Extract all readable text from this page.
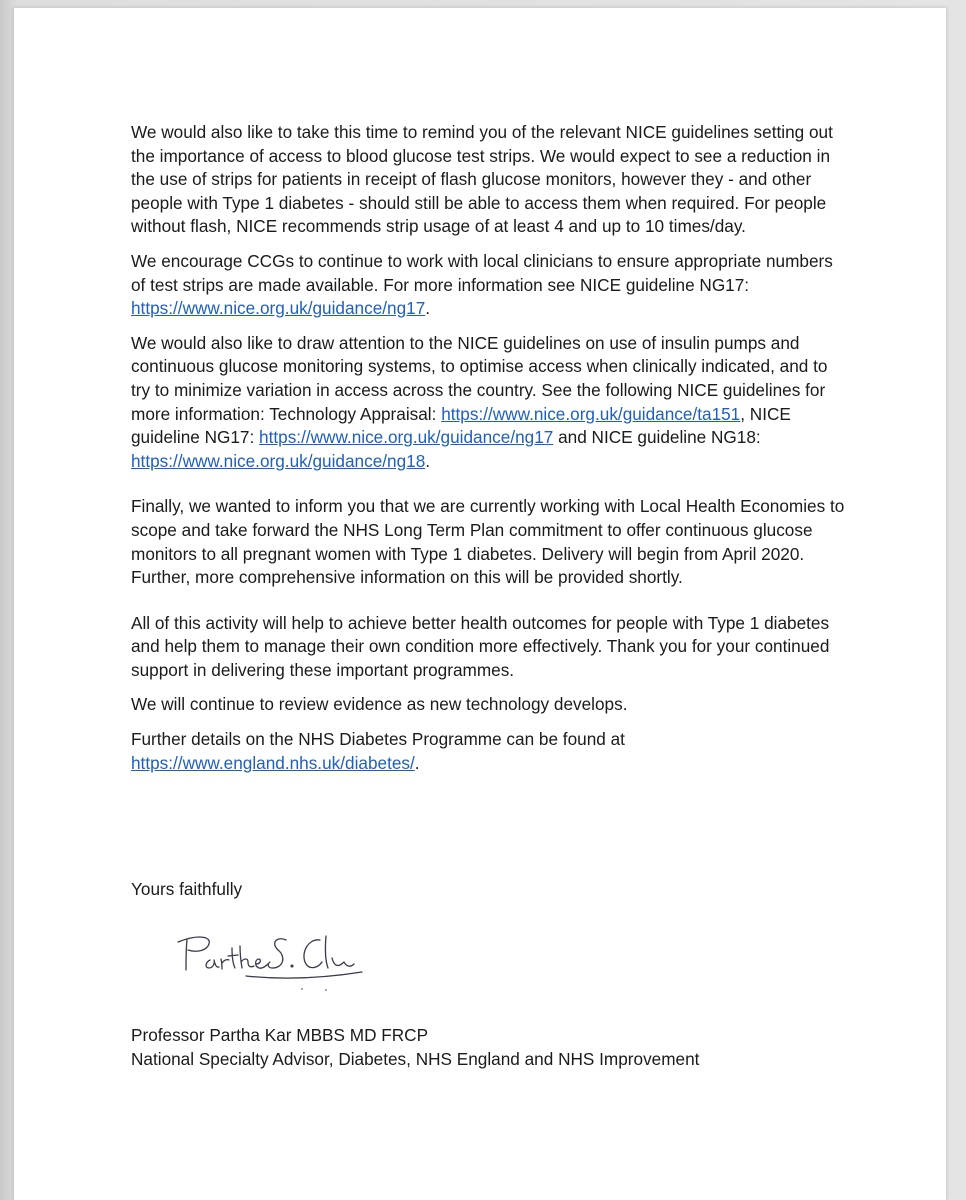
We would also like to take this time to remind you of the relevant NICE guidelines setting out the importance of access to blood glucose test strips. We would expect to see a reduction in the use of strips for patients in receipt of flash glucose monitors, however they - and other people with Type 1 diabetes - should still be able to access them when required. For people without flash, NICE recommends strip usage of at least 4 and up to 10 times/day.

We encourage CCGs to continue to work with local clinicians to ensure appropriate numbers of test strips are made available. For more information see NICE guideline NG17: https://www.nice.org.uk/guidance/ng17.

We would also like to draw attention to the NICE guidelines on use of insulin pumps and continuous glucose monitoring systems, to optimise access when clinically indicated, and to try to minimize variation in access across the country. See the following NICE guidelines for more information: Technology Appraisal: https://www.nice.org.uk/guidance/ta151, NICE guideline NG17: https://www.nice.org.uk/guidance/ng17 and NICE guideline NG18: https://www.nice.org.uk/guidance/ng18.

Finally, we wanted to inform you that we are currently working with Local Health Economies to scope and take forward the NHS Long Term Plan commitment to offer continuous glucose monitors to all pregnant women with Type 1 diabetes. Delivery will begin from April 2020. Further, more comprehensive information on this will be provided shortly.

All of this activity will help to achieve better health outcomes for people with Type 1 diabetes and help them to manage their own condition more effectively. Thank you for your continued support in delivering these important programmes.

We will continue to review evidence as new technology develops.

Further details on the NHS Diabetes Programme can be found at https://www.england.nhs.uk/diabetes/.

Yours faithfully
Professor Partha Kar MBBS MD FRCP
National Specialty Advisor, Diabetes, NHS England and NHS Improvement
